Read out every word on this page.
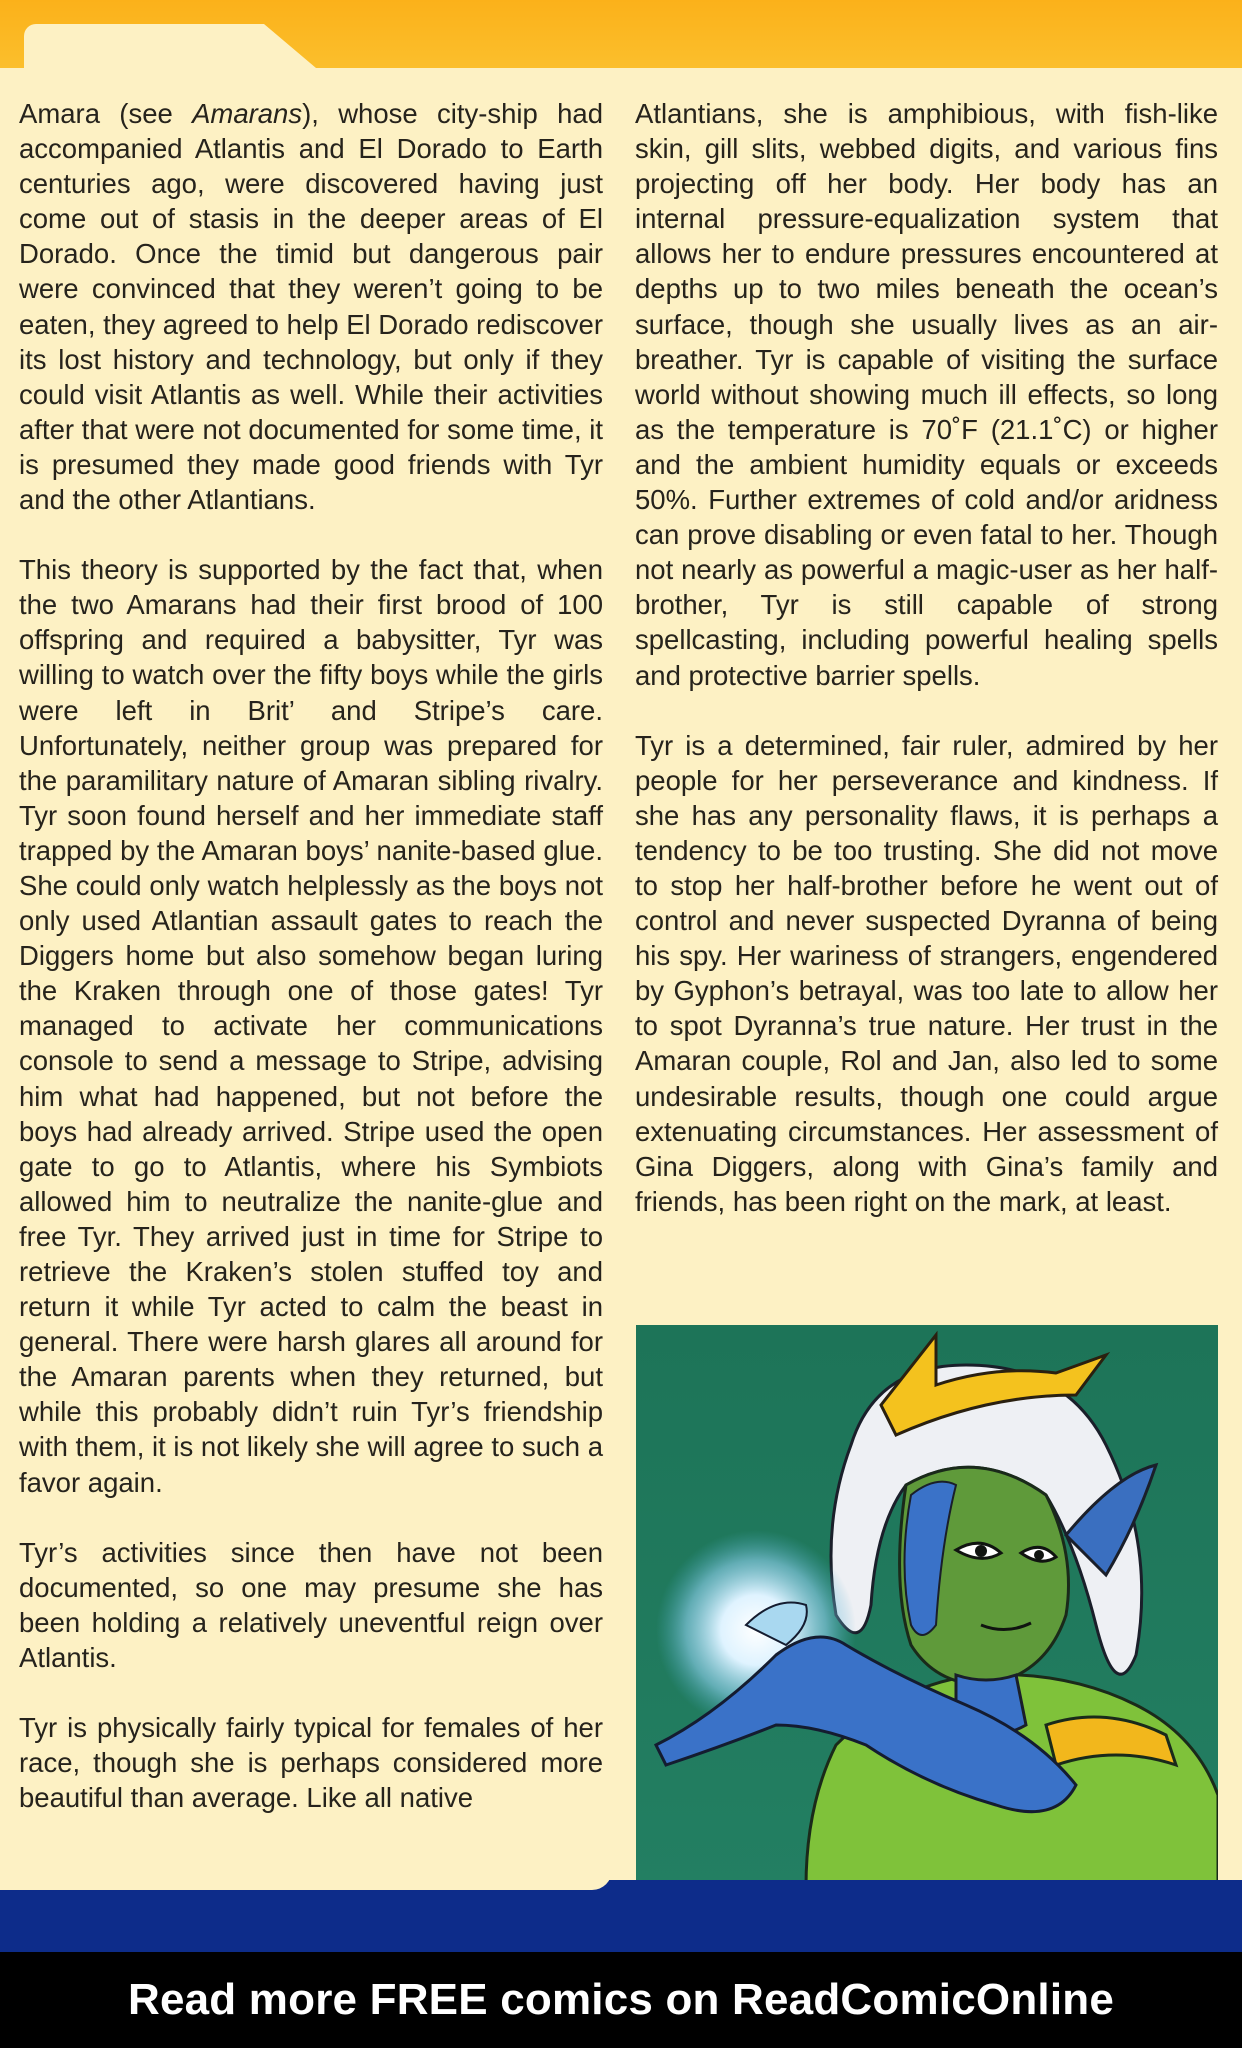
Amara (see Amarans), whose city-ship had accompanied Atlantis and El Dorado to Earth centuries ago, were discovered having just come out of stasis in the deeper areas of El Dorado. Once the timid but dangerous pair were convinced that they weren’t going to be eaten, they agreed to help El Dorado rediscover its lost history and technology, but only if they could visit Atlantis as well. While their activities after that were not documented for some time, it is presumed they made good friends with Tyr and the other Atlantians.

This theory is supported by the fact that, when the two Amarans had their first brood of 100 offspring and required a babysitter, Tyr was willing to watch over the fifty boys while the girls were left in Brit’ and Stripe’s care. Unfortunately, neither group was prepared for the paramilitary nature of Amaran sibling rivalry. Tyr soon found herself and her immediate staff trapped by the Amaran boys’ nanite-based glue. She could only watch helplessly as the boys not only used Atlantian assault gates to reach the Diggers home but also somehow began luring the Kraken through one of those gates! Tyr managed to activate her communications console to send a message to Stripe, advising him what had happened, but not before the boys had already arrived. Stripe used the open gate to go to Atlantis, where his Symbiots allowed him to neutralize the nanite-glue and free Tyr. They arrived just in time for Stripe to retrieve the Kraken’s stolen stuffed toy and return it while Tyr acted to calm the beast in general. There were harsh glares all around for the Amaran parents when they returned, but while this probably didn’t ruin Tyr’s friendship with them, it is not likely she will agree to such a favor again.

Tyr’s activities since then have not been documented, so one may presume she has been holding a relatively uneventful reign over Atlantis.

Tyr is physically fairly typical for females of her race, though she is perhaps considered more beautiful than average. Like all native

Atlantians, she is amphibious, with fish-like skin, gill slits, webbed digits, and various fins projecting off her body. Her body has an internal pressure-equalization system that allows her to endure pressures encountered at depths up to two miles beneath the ocean’s surface, though she usually lives as an air-breather. Tyr is capable of visiting the surface world without showing much ill effects, so long as the temperature is 70˚F (21.1˚C) or higher and the ambient humidity equals or exceeds 50%. Further extremes of cold and/or aridness can prove disabling or even fatal to her. Though not nearly as powerful a magic-user as her half-brother, Tyr is still capable of strong spellcasting, including powerful healing spells and protective barrier spells.

Tyr is a determined, fair ruler, admired by her people for her perseverance and kindness. If she has any personality flaws, it is perhaps a tendency to be too trusting. She did not move to stop her half-brother before he went out of control and never suspected Dyranna of being his spy. Her wariness of strangers, engendered by Gyphon’s betrayal, was too late to allow her to spot Dyranna’s true nature. Her trust in the Amaran couple, Rol and Jan, also led to some undesirable results, though one could argue extenuating circumstances. Her assessment of Gina Diggers, along with Gina’s family and friends, has been right on the mark, at least.

Read more FREE comics on ReadComicOnline
